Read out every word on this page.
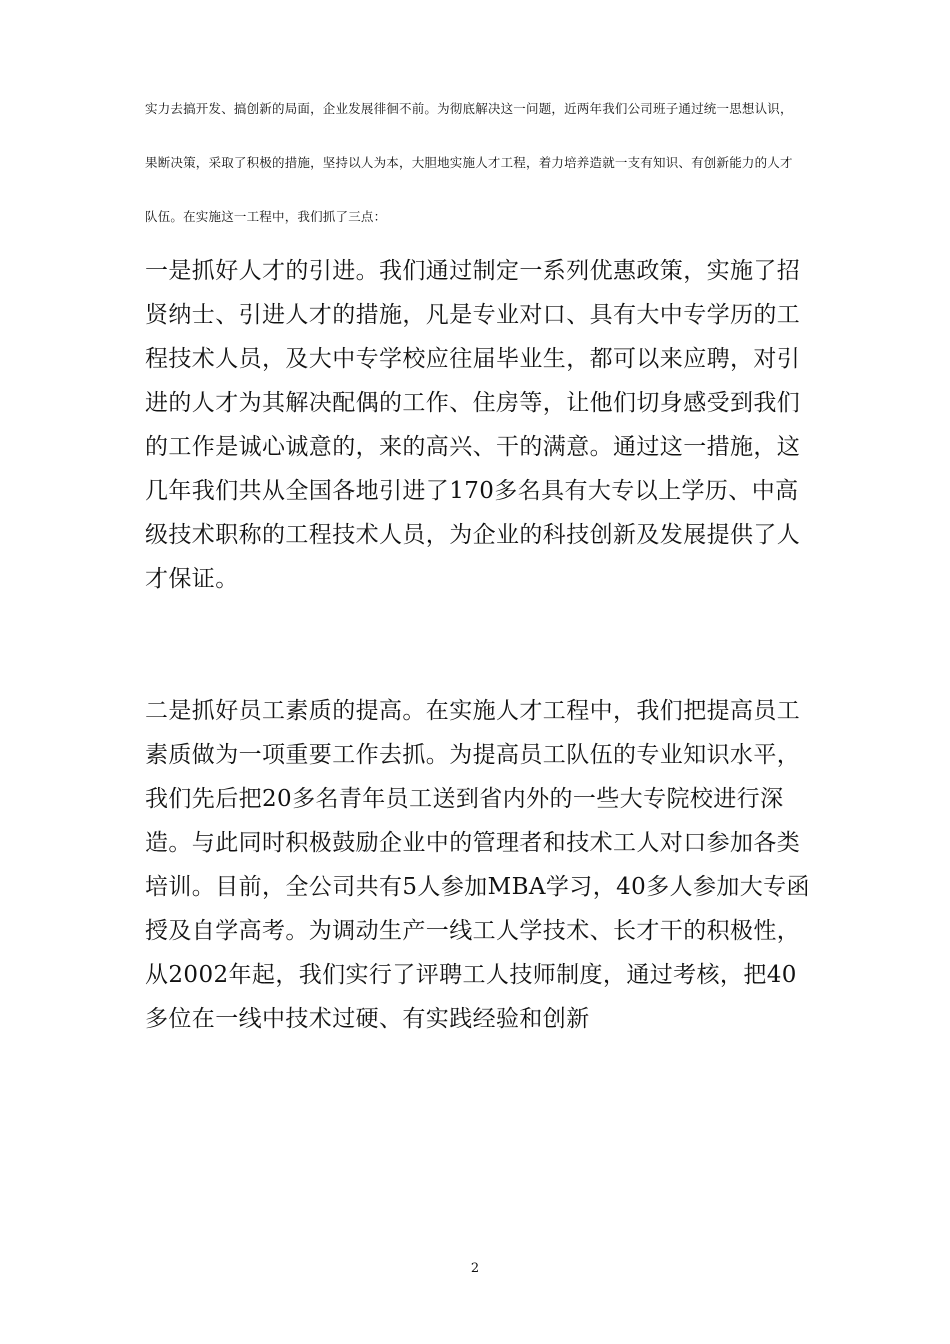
实力去搞开发、搞创新的局面，企业发展徘徊不前。为彻底解决这一问题，近两年我们公司班子通过统一思想认识，
果断决策，采取了积极的措施，坚持以人为本，大胆地实施人才工程，着力培养造就一支有知识、有创新能力的人才
队伍。在实施这一工程中，我们抓了三点：
一是抓好人才的引进。我们通过制定一系列优惠政策，实施了招
贤纳士、引进人才的措施，凡是专业对口、具有大中专学历的工
程技术人员，及大中专学校应往届毕业生，都可以来应聘，对引
进的人才为其解决配偶的工作、住房等，让他们切身感受到我们
的工作是诚心诚意的，来的高兴、干的满意。通过这一措施，这
几年我们共从全国各地引进了170多名具有大专以上学历、中高
级技术职称的工程技术人员，为企业的科技创新及发展提供了人
才保证。
二是抓好员工素质的提高。在实施人才工程中，我们把提高员工
素质做为一项重要工作去抓。为提高员工队伍的专业知识水平，
我们先后把20多名青年员工送到省内外的一些大专院校进行深
造。与此同时积极鼓励企业中的管理者和技术工人对口参加各类
培训。目前，全公司共有5人参加MBA学习，40多人参加大专函
授及自学高考。为调动生产一线工人学技术、长才干的积极性，
从2002年起，我们实行了评聘工人技师制度，通过考核，把40
多位在一线中技术过硬、有实践经验和创新
2
